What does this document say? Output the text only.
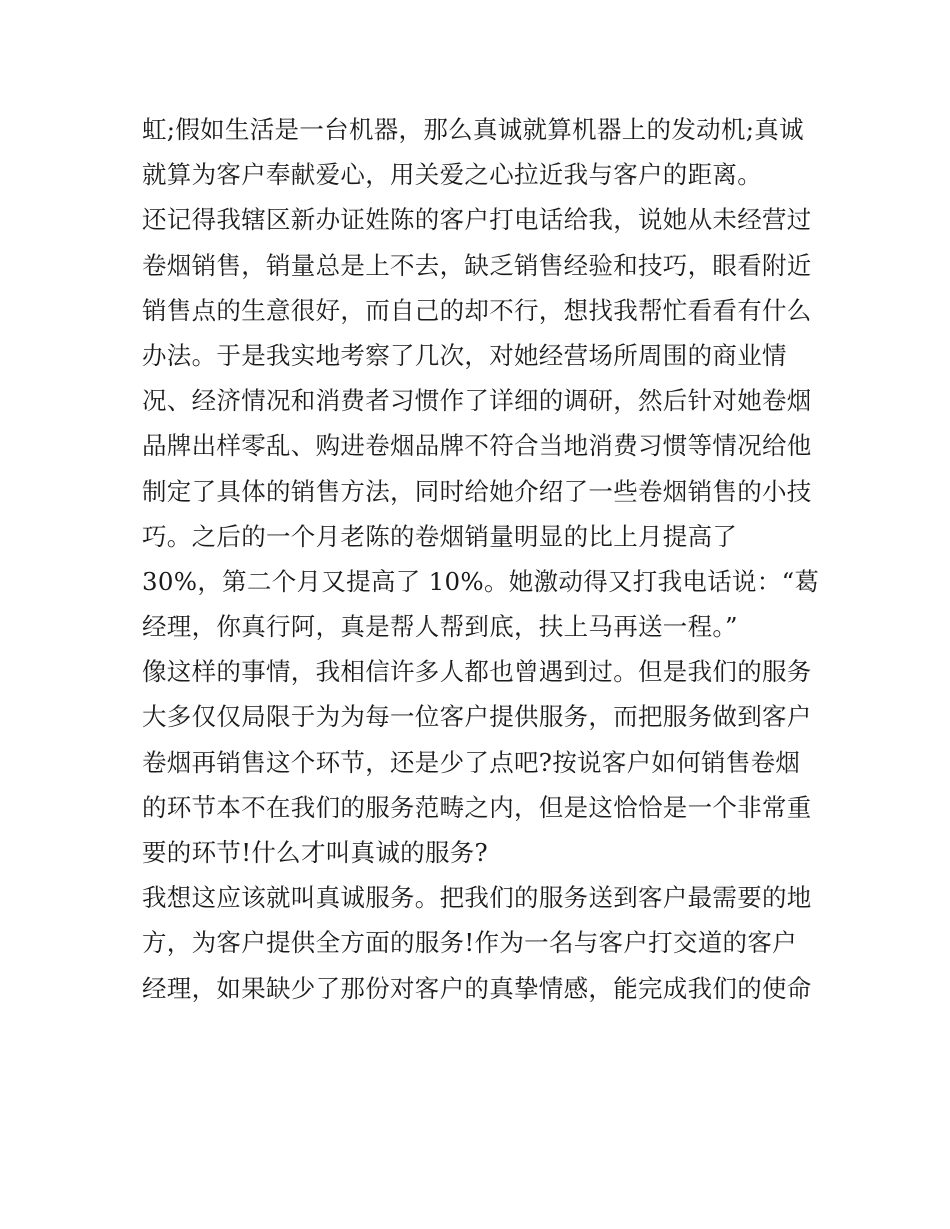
虹;假如生活是一台机器，那么真诚就算机器上的发动机;真诚
就算为客户奉献爱心，用关爱之心拉近我与客户的距离。
还记得我辖区新办证姓陈的客户打电话给我，说她从未经营过
卷烟销售，销量总是上不去，缺乏销售经验和技巧，眼看附近
销售点的生意很好，而自己的却不行，想找我帮忙看看有什么
办法。于是我实地考察了几次，对她经营场所周围的商业情
况、经济情况和消费者习惯作了详细的调研，然后针对她卷烟
品牌出样零乱、购进卷烟品牌不符合当地消费习惯等情况给他
制定了具体的销售方法，同时给她介绍了一些卷烟销售的小技
巧。之后的一个月老陈的卷烟销量明显的比上月提高了
30%，第二个月又提高了 10%。她激动得又打我电话说：“葛
经理，你真行阿，真是帮人帮到底，扶上马再送一程。”
像这样的事情，我相信许多人都也曾遇到过。但是我们的服务
大多仅仅局限于为为每一位客户提供服务，而把服务做到客户
卷烟再销售这个环节，还是少了点吧?按说客户如何销售卷烟
的环节本不在我们的服务范畴之内，但是这恰恰是一个非常重
要的环节!什么才叫真诚的服务?
我想这应该就叫真诚服务。把我们的服务送到客户最需要的地
方，为客户提供全方面的服务!作为一名与客户打交道的客户
经理，如果缺少了那份对客户的真挚情感，能完成我们的使命
